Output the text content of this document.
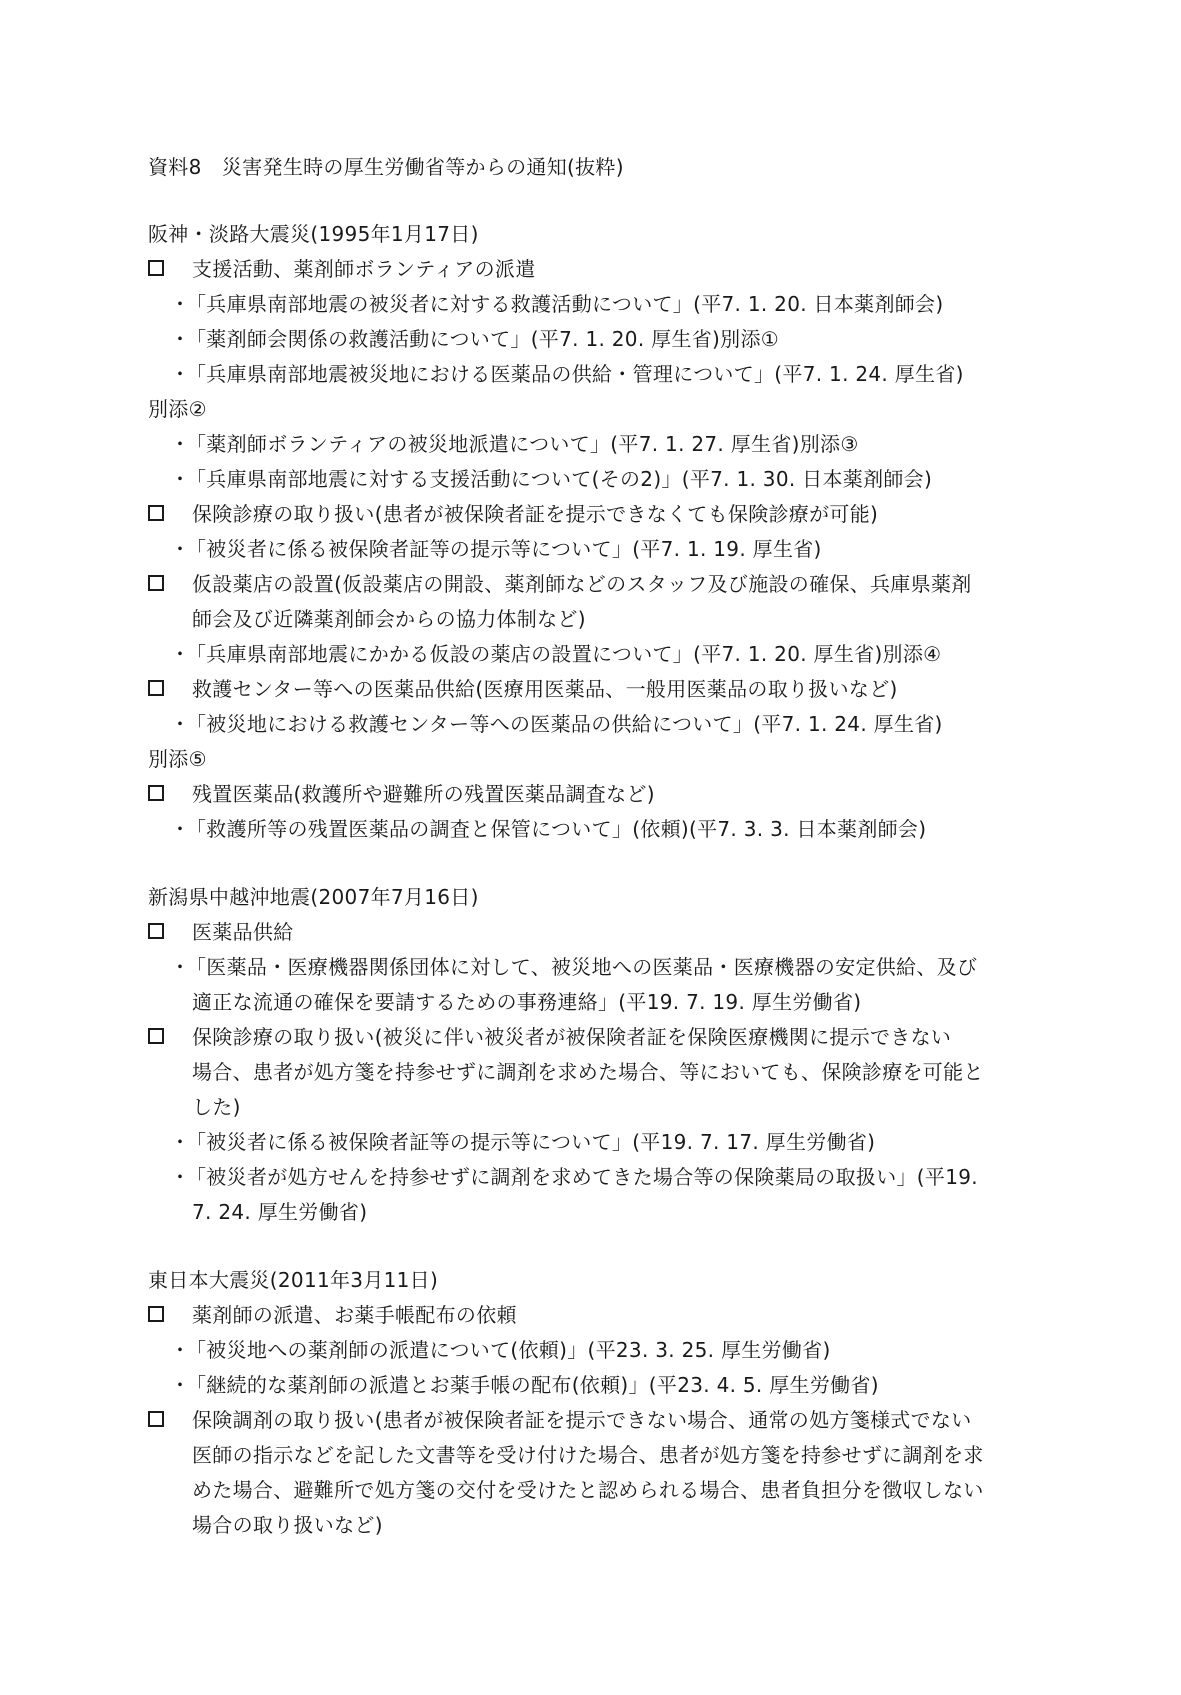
資料8　災害発生時の厚生労働省等からの通知(抜粋)
阪神・淡路大震災(1995年1月17日)
支援活動、薬剤師ボランティアの派遣
・
「兵庫県南部地震の被災者に対する救護活動について」(平7. 1. 20. 日本薬剤師会)
・
「薬剤師会関係の救護活動について」(平7. 1. 20. 厚生省)別添①
・
「兵庫県南部地震被災地における医薬品の供給・管理について」(平7. 1. 24. 厚生省)
別添②
・
「薬剤師ボランティアの被災地派遣について」(平7. 1. 27. 厚生省)別添③
・
「兵庫県南部地震に対する支援活動について(その2)」(平7. 1. 30. 日本薬剤師会)
保険診療の取り扱い(患者が被保険者証を提示できなくても保険診療が可能)
・
「被災者に係る被保険者証等の提示等について」(平7. 1. 19. 厚生省)
仮設薬店の設置(仮設薬店の開設、薬剤師などのスタッフ及び施設の確保、兵庫県薬剤
師会及び近隣薬剤師会からの協力体制など)
・
「兵庫県南部地震にかかる仮設の薬店の設置について」(平7. 1. 20. 厚生省)別添④
救護センター等への医薬品供給(医療用医薬品、一般用医薬品の取り扱いなど)
・
「被災地における救護センター等への医薬品の供給について」(平7. 1. 24. 厚生省)
別添⑤
残置医薬品(救護所や避難所の残置医薬品調査など)
・
「救護所等の残置医薬品の調査と保管について」(依頼)(平7. 3. 3. 日本薬剤師会)
新潟県中越沖地震(2007年7月16日)
医薬品供給
・
「医薬品・医療機器関係団体に対して、被災地への医薬品・医療機器の安定供給、及び
適正な流通の確保を要請するための事務連絡」(平19. 7. 19. 厚生労働省)
保険診療の取り扱い(被災に伴い被災者が被保険者証を保険医療機関に提示できない
場合、患者が処方箋を持参せずに調剤を求めた場合、等においても、保険診療を可能と
した)
・
「被災者に係る被保険者証等の提示等について」(平19. 7. 17. 厚生労働省)
・
「被災者が処方せんを持参せずに調剤を求めてきた場合等の保険薬局の取扱い」(平19.
7. 24. 厚生労働省)
東日本大震災(2011年3月11日)
薬剤師の派遣、お薬手帳配布の依頼
・
「被災地への薬剤師の派遣について(依頼)」(平23. 3. 25. 厚生労働省)
・
「継続的な薬剤師の派遣とお薬手帳の配布(依頼)」(平23. 4. 5. 厚生労働省)
保険調剤の取り扱い(患者が被保険者証を提示できない場合、通常の処方箋様式でない
医師の指示などを記した文書等を受け付けた場合、患者が処方箋を持参せずに調剤を求
めた場合、避難所で処方箋の交付を受けたと認められる場合、患者負担分を徴収しない
場合の取り扱いなど)
